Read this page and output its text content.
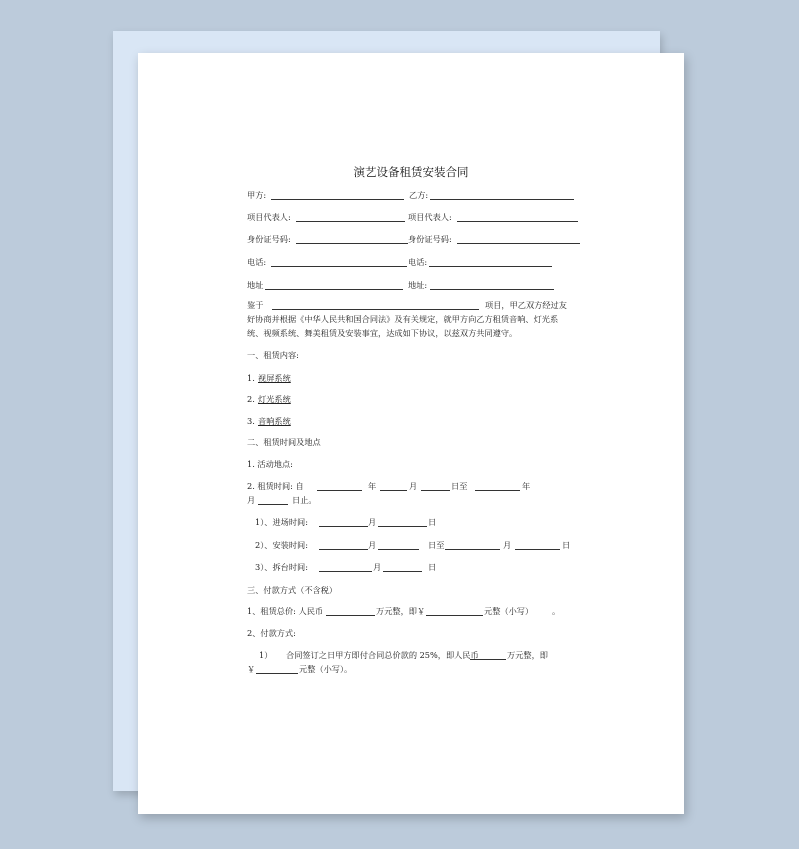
演艺设备租赁安装合同
甲方:	乙方:
项目代表人:	项目代表人:
身份证号码:	身份证号码:
电话:	电话:
地址	地址:
鉴于	项目，甲乙双方经过友
好协商并根据《中华人民共和国合同法》及有关规定，就甲方向乙方租赁音响、灯光系
统、视频系统、舞美租赁及安装事宜，达成如下协议，以兹双方共同遵守。
一、租赁内容:
1. 视屏系统
2. 灯光系统
3. 音响系统
二、租赁时间及地点
1. 活动地点:
2. 租赁时间: 自	年	月	日至	年
月	日止。
1）、进场时间:	月	日
2）、安装时间:	月	日至	月	日
3）、拆台时间:	月	日
三、付款方式（不含税）
1、租赁总价: 人民币	万元整，即￥	元整（小写） 。
2、付款方式:
1） 合同签订之日甲方即付合同总价款的 25%，即人民币	万元整，即
￥	元整（小写）。
